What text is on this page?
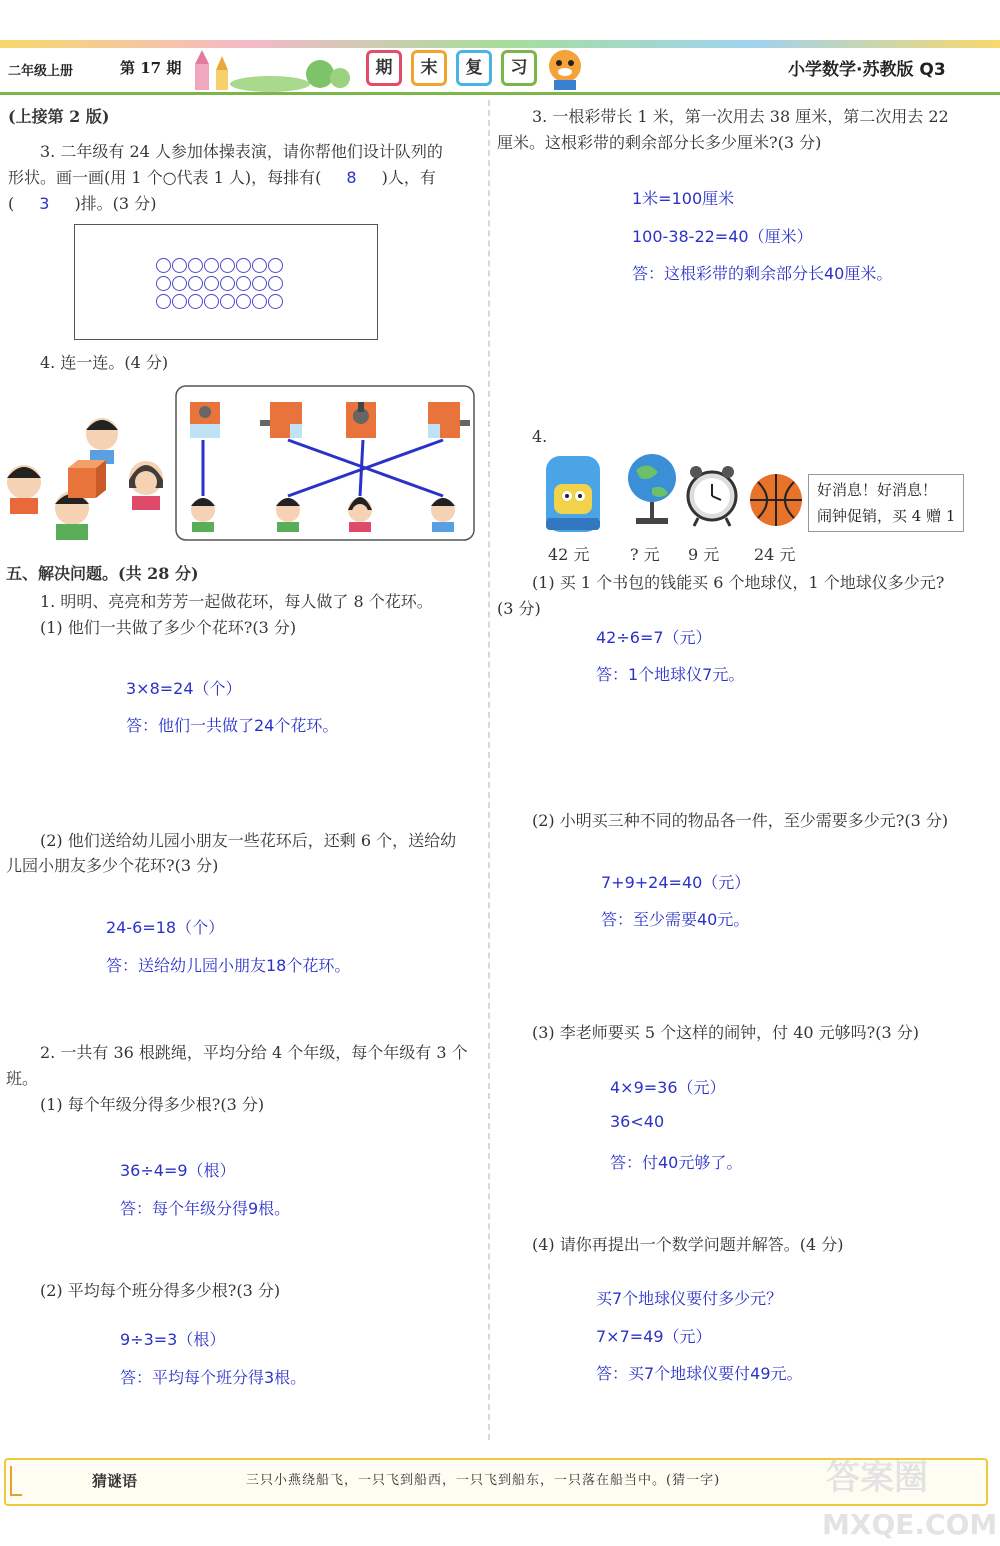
二年级上册	第 17 期	期	末	复	习	小学数学·苏教版 Q3
(上接第 2 版)
3. 二年级有 24 人参加体操表演，请你帮他们设计队列的
形状。画一画(用 1 个○代表 1 人)，每排有( 8 )人，有
( 3 )排。(3 分)
4. 连一连。(4 分)
五、解决问题。(共 28 分)
1. 明明、亮亮和芳芳一起做花环，每人做了 8 个花环。
(1) 他们一共做了多少个花环?(3 分)
3×8=24（个）
答：他们一共做了24个花环。
(2) 他们送给幼儿园小朋友一些花环后，还剩 6 个，送给幼
儿园小朋友多少个花环?(3 分)
24-6=18（个）
答：送给幼儿园小朋友18个花环。
2. 一共有 36 根跳绳，平均分给 4 个年级，每个年级有 3 个
班。
(1) 每个年级分得多少根?(3 分)
36÷4=9（根）
答：每个年级分得9根。
(2) 平均每个班分得多少根?(3 分)
9÷3=3（根）
答：平均每个班分得3根。
3. 一根彩带长 1 米，第一次用去 38 厘米，第二次用去 22
厘米。这根彩带的剩余部分长多少厘米?(3 分)
1米=100厘米
100-38-22=40（厘米）
答：这根彩带的剩余部分长40厘米。
4.
好消息！好消息！
闹钟促销，买 4 赠 1
42 元	? 元 9 元 24 元
(1) 买 1 个书包的钱能买 6 个地球仪，1 个地球仪多少元?
(3 分)
42÷6=7（元）
答：1个地球仪7元。
(2) 小明买三种不同的物品各一件，至少需要多少元?(3 分)
7+9+24=40（元）
答：至少需要40元。
(3) 李老师要买 5 个这样的闹钟，付 40 元够吗?(3 分)
4×9=36（元）
36<40
答：付40元够了。
(4) 请你再提出一个数学问题并解答。(4 分)
买7个地球仪要付多少元？
7×7=49（元）
答：买7个地球仪要付49元。
猜谜语	三只小燕绕船飞，一只飞到船西，一只飞到船东，一只落在船当中。(猜一字)	答案圈
MXQE.COM
